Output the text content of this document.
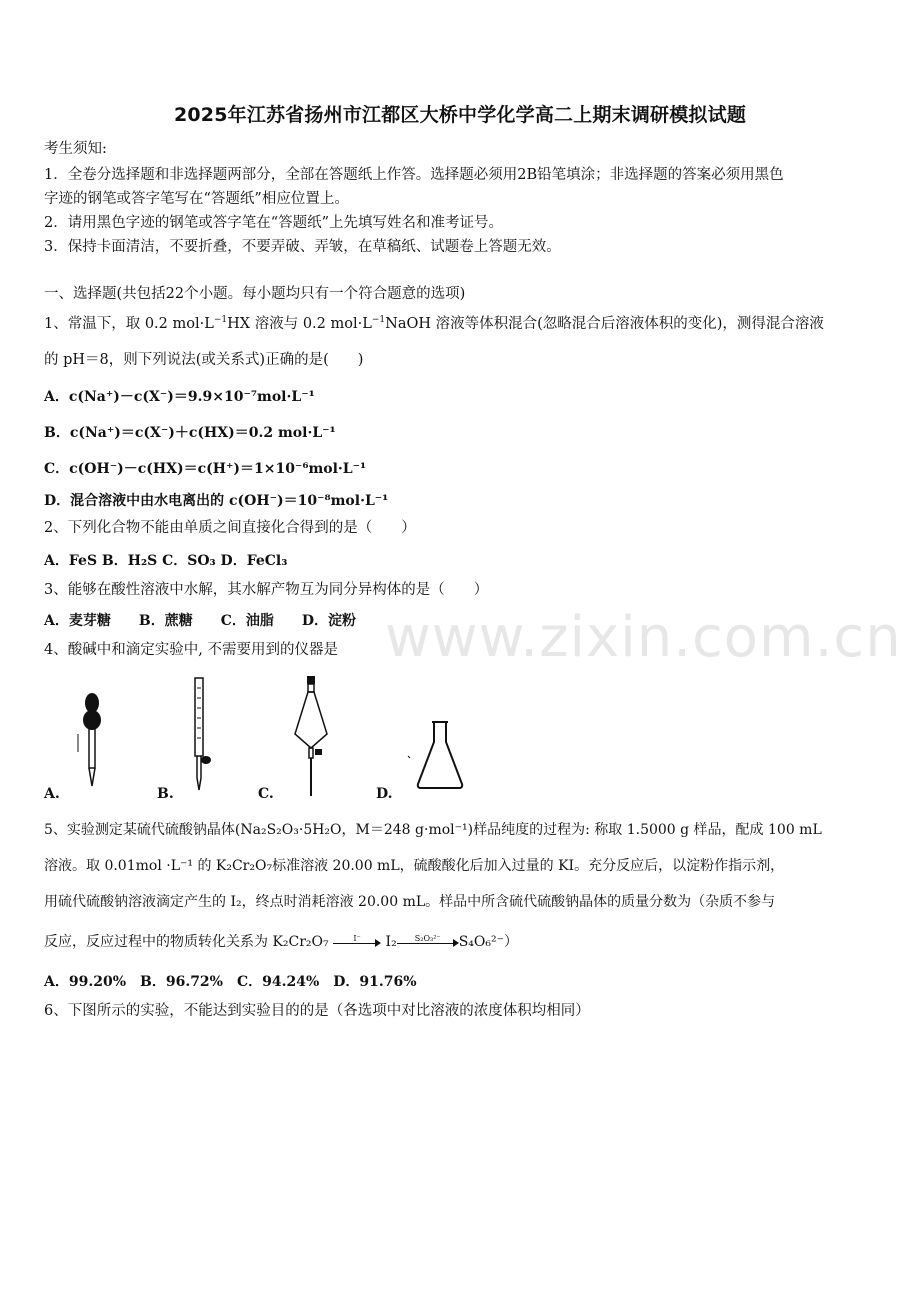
2025年江苏省扬州市江都区大桥中学化学高二上期末调研模拟试题
考生须知:
1．全卷分选择题和非选择题两部分，全部在答题纸上作答。选择题必须用2B铅笔填涂；非选择题的答案必须用黑色
字迹的钢笔或答字笔写在“答题纸”相应位置上。
2．请用黑色字迹的钢笔或答字笔在“答题纸”上先填写姓名和准考证号。
3．保持卡面清洁，不要折叠，不要弄破、弄皱，在草稿纸、试题卷上答题无效。
一、选择题(共包括22个小题。每小题均只有一个符合题意的选项)
1、常温下，取 0.2 $mol\cdot L^{-1}HX$ 溶液与 0.2 $mol\cdot L^{-1}NaOH$ 溶液等体积混合(忽略混合后溶液体积的变化)，测得混合溶液
的 pH＝8，则下列说法(或关系式)正确的是(　　)
A．c(Na⁺)－c(X⁻)＝9.9×10⁻⁷mol·L⁻¹
B．c(Na⁺)＝c(X⁻)＋c(HX)＝0.2 mol·L⁻¹
C．c(OH⁻)－c(HX)＝c(H⁺)＝1×10⁻⁶mol·L⁻¹
D．混合溶液中由水电离出的 c(OH⁻)＝10⁻⁸mol·L⁻¹
2、下列化合物不能由单质之间直接化合得到的是（　　）
A．FeS B．H₂S C．SO₃ D．FeCl₃
3、能够在酸性溶液中水解，其水解产物互为同分异构体的是（　　）
A．麦芽糖　　B．蔗糖　　C．油脂　　D．淀粉
4、酸碱中和滴定实验中, 不需要用到的仪器是
A.	B.	C.	D.
5、实验测定某硫代硫酸钠晶体(Na₂S₂O₃·5H₂O，M＝248 g·mol⁻¹)样品纯度的过程为: 称取 1.5000 g 样品，配成 100 mL
溶液。取 0.01mol ·L⁻¹ 的 K₂Cr₂O₇标准溶液 20.00 mL，硫酸酸化后加入过量的 KI。充分反应后，以淀粉作指示剂，
用硫代硫酸钠溶液滴定产生的 I₂，终点时消耗溶液 20.00 mL。样品中所含硫代硫酸钠晶体的质量分数为（杂质不参与
反应，反应过程中的物质转化关系为 K₂Cr₂O₇	I⁻	I₂	S₂O₃²⁻	S₄O₆²⁻）
A．99.20%　B．96.72%　C．94.24%　D．91.76%
6、下图所示的实验，不能达到实验目的的是（各选项中对比溶液的浓度体积均相同）
www.zixin.com.cn
